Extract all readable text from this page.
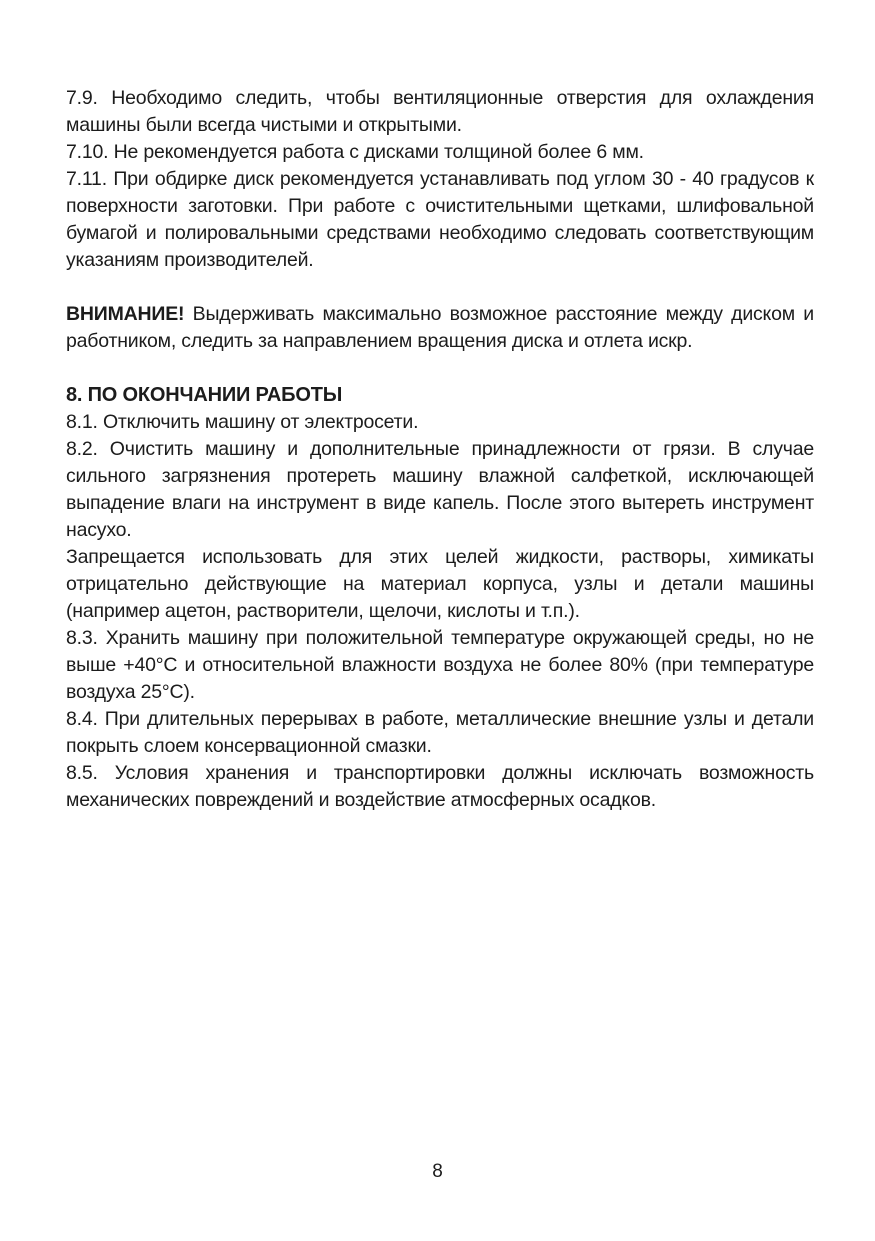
7.9. Необходимо следить, чтобы вентиляционные отверстия для охлаждения машины были всегда чистыми и открытыми.

7.10. Не рекомендуется работа с дисками толщиной более 6 мм.

7.11. При обдирке диск рекомендуется устанавливать под углом 30 - 40 градусов к поверхности заготовки. При работе с очистительными щетками, шлифовальной бумагой и полировальными средствами необходимо следовать соответствующим указаниям производителей.

ВНИМАНИЕ! Выдерживать максимально возможное расстояние между диском и работником, следить за направлением вращения диска и отлета искр.

8. ПО ОКОНЧАНИИ РАБОТЫ

8.1. Отключить машину от электросети.

8.2. Очистить машину и дополнительные принадлежности от грязи. В случае сильного загрязнения протереть машину влажной салфеткой, исключающей выпадение влаги на инструмент в виде капель. После этого вытереть инструмент насухо.

Запрещается использовать для этих целей жидкости, растворы, химикаты отрицательно действующие на материал корпуса, узлы и детали машины (например ацетон, растворители, щелочи, кислоты и т.п.).

8.3. Хранить машину при положительной температуре окружающей среды, но не выше +40°С и относительной влажности воздуха не более 80% (при температуре воздуха 25°С).

8.4. При длительных перерывах в работе, металлические внешние узлы и детали покрыть слоем консервационной смазки.

8.5. Условия хранения и транспортировки должны исключать возможность механических повреждений и воздействие атмосферных осадков.

8
